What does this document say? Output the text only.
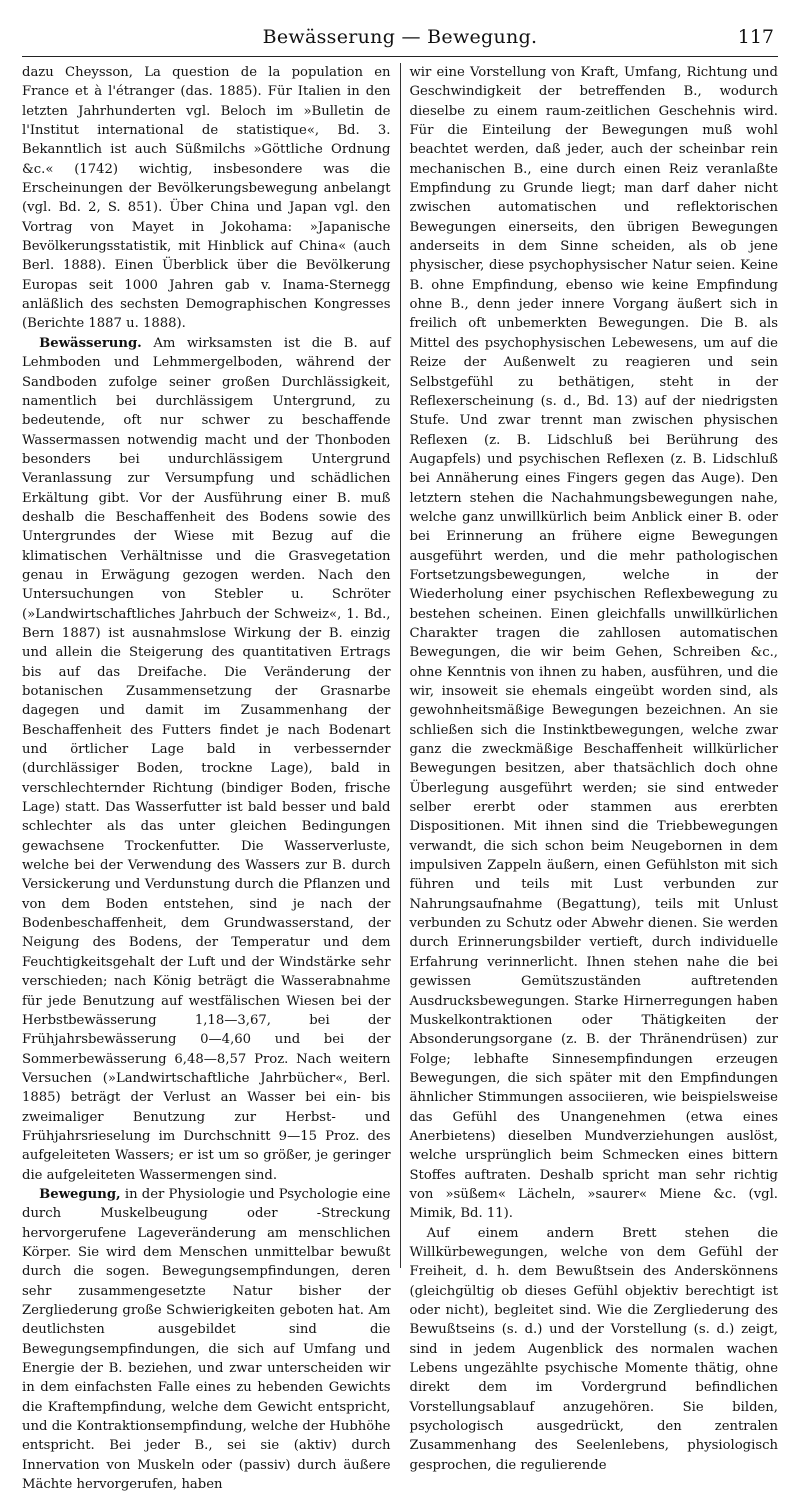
Bewässerung — Bewegung.	117

dazu Cheysson, La question de la population en France et à l'étranger (das. 1885). Für Italien in den letzten Jahrhunderten vgl. Beloch im »Bulletin de l'Institut international de statistique«, Bd. 3. Bekanntlich ist auch Süßmilchs »Göttliche Ordnung &c.« (1742) wichtig, insbesondere was die Erscheinungen der Bevölkerungsbewegung anbelangt (vgl. Bd. 2, S. 851). Über China und Japan vgl. den Vortrag von Mayet in Jokohama: »Japanische Bevölkerungsstatistik, mit Hinblick auf China« (auch Berl. 1888). Einen Überblick über die Bevölkerung Europas seit 1000 Jahren gab v. Inama-Sternegg anläßlich des sechsten Demographischen Kongresses (Berichte 1887 u. 1888).

Bewässerung. Am wirksamsten ist die B. auf Lehmboden und Lehmmergelboden, während der Sandboden zufolge seiner großen Durchlässigkeit, namentlich bei durchlässigem Untergrund, zu bedeutende, oft nur schwer zu beschaffende Wassermassen notwendig macht und der Thonboden besonders bei undurchlässigem Untergrund Veranlassung zur Versumpfung und schädlichen Erkältung gibt. Vor der Ausführung einer B. muß deshalb die Beschaffenheit des Bodens sowie des Untergrundes der Wiese mit Bezug auf die klimatischen Verhältnisse und die Grasvegetation genau in Erwägung gezogen werden. Nach den Untersuchungen von Stebler u. Schröter (»Landwirtschaftliches Jahrbuch der Schweiz«, 1. Bd., Bern 1887) ist ausnahmslose Wirkung der B. einzig und allein die Steigerung des quantitativen Ertrags bis auf das Dreifache. Die Veränderung der botanischen Zusammensetzung der Grasnarbe dagegen und damit im Zusammenhang der Beschaffenheit des Futters findet je nach Bodenart und örtlicher Lage bald in verbessernder (durchlässiger Boden, trockne Lage), bald in verschlechternder Richtung (bindiger Boden, frische Lage) statt. Das Wasserfutter ist bald besser und bald schlechter als das unter gleichen Bedingungen gewachsene Trockenfutter. Die Wasserverluste, welche bei der Verwendung des Wassers zur B. durch Versickerung und Verdunstung durch die Pflanzen und von dem Boden entstehen, sind je nach der Bodenbeschaffenheit, dem Grundwasserstand, der Neigung des Bodens, der Temperatur und dem Feuchtigkeitsgehalt der Luft und der Windstärke sehr verschieden; nach König beträgt die Wasserabnahme für jede Benutzung auf westfälischen Wiesen bei der Herbstbewässerung 1,18—3,67, bei der Frühjahrsbewässerung 0—4,60 und bei der Sommerbewässerung 6,48—8,57 Proz. Nach weitern Versuchen (»Landwirtschaftliche Jahrbücher«, Berl. 1885) beträgt der Verlust an Wasser bei ein- bis zweimaliger Benutzung zur Herbst- und Frühjahrsrieselung im Durchschnitt 9—15 Proz. des aufgeleiteten Wassers; er ist um so größer, je geringer die aufgeleiteten Wassermengen sind.

Bewegung, in der Physiologie und Psychologie eine durch Muskelbeugung oder -Streckung hervorgerufene Lageveränderung am menschlichen Körper. Sie wird dem Menschen unmittelbar bewußt durch die sogen. Bewegungsempfindungen, deren sehr zusammengesetzte Natur bisher der Zergliederung große Schwierigkeiten geboten hat. Am deutlichsten ausgebildet sind die Bewegungsempfindungen, die sich auf Umfang und Energie der B. beziehen, und zwar unterscheiden wir in dem einfachsten Falle eines zu hebenden Gewichts die Kraftempfindung, welche dem Gewicht entspricht, und die Kontraktionsempfindung, welche der Hubhöhe entspricht. Bei jeder B., sei sie (aktiv) durch Innervation von Muskeln oder (passiv) durch äußere Mächte hervorgerufen, haben

wir eine Vorstellung von Kraft, Umfang, Richtung und Geschwindigkeit der betreffenden B., wodurch dieselbe zu einem raum-zeitlichen Geschehnis wird. Für die Einteilung der Bewegungen muß wohl beachtet werden, daß jeder, auch der scheinbar rein mechanischen B., eine durch einen Reiz veranlaßte Empfindung zu Grunde liegt; man darf daher nicht zwischen automatischen und reflektorischen Bewegungen einerseits, den übrigen Bewegungen anderseits in dem Sinne scheiden, als ob jene physischer, diese psychophysischer Natur seien. Keine B. ohne Empfindung, ebenso wie keine Empfindung ohne B., denn jeder innere Vorgang äußert sich in freilich oft unbemerkten Bewegungen. Die B. als Mittel des psychophysischen Lebewesens, um auf die Reize der Außenwelt zu reagieren und sein Selbstgefühl zu bethätigen, steht in der Reflexerscheinung (s. d., Bd. 13) auf der niedrigsten Stufe. Und zwar trennt man zwischen physischen Reflexen (z. B. Lidschluß bei Berührung des Augapfels) und psychischen Reflexen (z. B. Lidschluß bei Annäherung eines Fingers gegen das Auge). Den letztern stehen die Nachahmungsbewegungen nahe, welche ganz unwillkürlich beim Anblick einer B. oder bei Erinnerung an frühere eigne Bewegungen ausgeführt werden, und die mehr pathologischen Fortsetzungsbewegungen, welche in der Wiederholung einer psychischen Reflexbewegung zu bestehen scheinen. Einen gleichfalls unwillkürlichen Charakter tragen die zahllosen automatischen Bewegungen, die wir beim Gehen, Schreiben &c., ohne Kenntnis von ihnen zu haben, ausführen, und die wir, insoweit sie ehemals eingeübt worden sind, als gewohnheitsmäßige Bewegungen bezeichnen. An sie schließen sich die Instinktbewegungen, welche zwar ganz die zweckmäßige Beschaffenheit willkürlicher Bewegungen besitzen, aber thatsächlich doch ohne Überlegung ausgeführt werden; sie sind entweder selber ererbt oder stammen aus ererbten Dispositionen. Mit ihnen sind die Triebbewegungen verwandt, die sich schon beim Neugebornen in dem impulsiven Zappeln äußern, einen Gefühlston mit sich führen und teils mit Lust verbunden zur Nahrungsaufnahme (Begattung), teils mit Unlust verbunden zu Schutz oder Abwehr dienen. Sie werden durch Erinnerungsbilder vertieft, durch individuelle Erfahrung verinnerlicht. Ihnen stehen nahe die bei gewissen Gemütszuständen auftretenden Ausdrucksbewegungen. Starke Hirnerregungen haben Muskelkontraktionen oder Thätigkeiten der Absonderungsorgane (z. B. der Thränendrüsen) zur Folge; lebhafte Sinnesempfindungen erzeugen Bewegungen, die sich später mit den Empfindungen ähnlicher Stimmungen associieren, wie beispielsweise das Gefühl des Unangenehmen (etwa eines Anerbietens) dieselben Mundverziehungen auslöst, welche ursprünglich beim Schmecken eines bittern Stoffes auftraten. Deshalb spricht man sehr richtig von »süßem« Lächeln, »saurer« Miene &c. (vgl. Mimik, Bd. 11).

Auf einem andern Brett stehen die Willkürbewegungen, welche von dem Gefühl der Freiheit, d. h. dem Bewußtsein des Anderskönnens (gleichgültig ob dieses Gefühl objektiv berechtigt ist oder nicht), begleitet sind. Wie die Zergliederung des Bewußtseins (s. d.) und der Vorstellung (s. d.) zeigt, sind in jedem Augenblick des normalen wachen Lebens ungezählte psychische Momente thätig, ohne direkt dem im Vordergrund befindlichen Vorstellungsablauf anzugehören. Sie bilden, psychologisch ausgedrückt, den zentralen Zusammenhang des Seelenlebens, physiologisch gesprochen, die regulierende
